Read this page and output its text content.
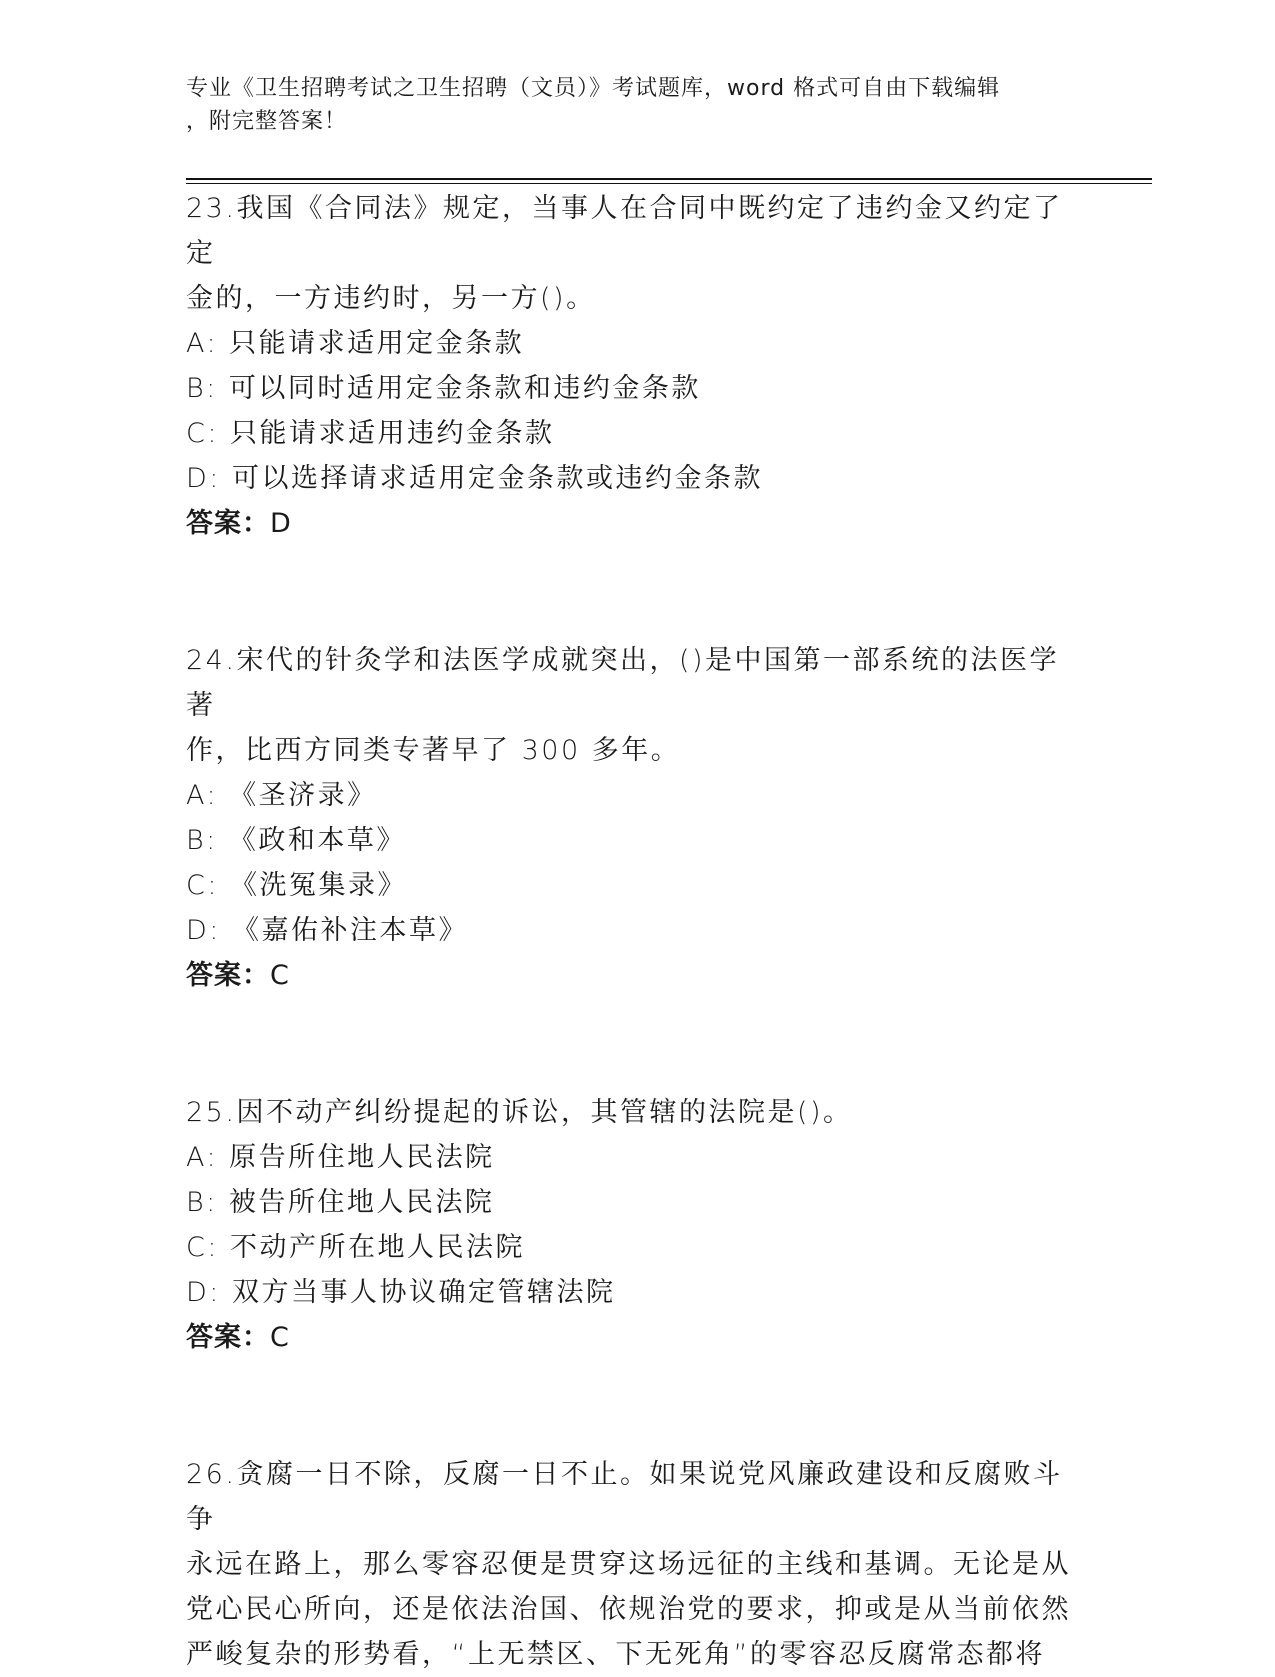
专业《卫生招聘考试之卫生招聘（文员）》考试题库，word 格式可自由下载编辑
，附完整答案！

23.我国《合同法》规定，当事人在合同中既约定了违约金又约定了定

金的，一方违约时，另一方()。

A: 只能请求适用定金条款

B: 可以同时适用定金条款和违约金条款

C: 只能请求适用违约金条款

D: 可以选择请求适用定金条款或违约金条款

答案：D

24.宋代的针灸学和法医学成就突出，()是中国第一部系统的法医学著

作，比西方同类专著早了 300 多年。

A: 《圣济录》

B: 《政和本草》

C: 《洗冤集录》

D: 《嘉佑补注本草》

答案：C

25.因不动产纠纷提起的诉讼，其管辖的法院是()。

A: 原告所住地人民法院

B: 被告所住地人民法院

C: 不动产所在地人民法院

D: 双方当事人协议确定管辖法院

答案：C

26.贪腐一日不除，反腐一日不止。如果说党风廉政建设和反腐败斗争

永远在路上，那么零容忍便是贯穿这场远征的主线和基调。无论是从

党心民心所向，还是依法治国、依规治党的要求，抑或是从当前依然

严峻复杂的形势看，“上无禁区、下无死角”的零容忍反腐常态都将
